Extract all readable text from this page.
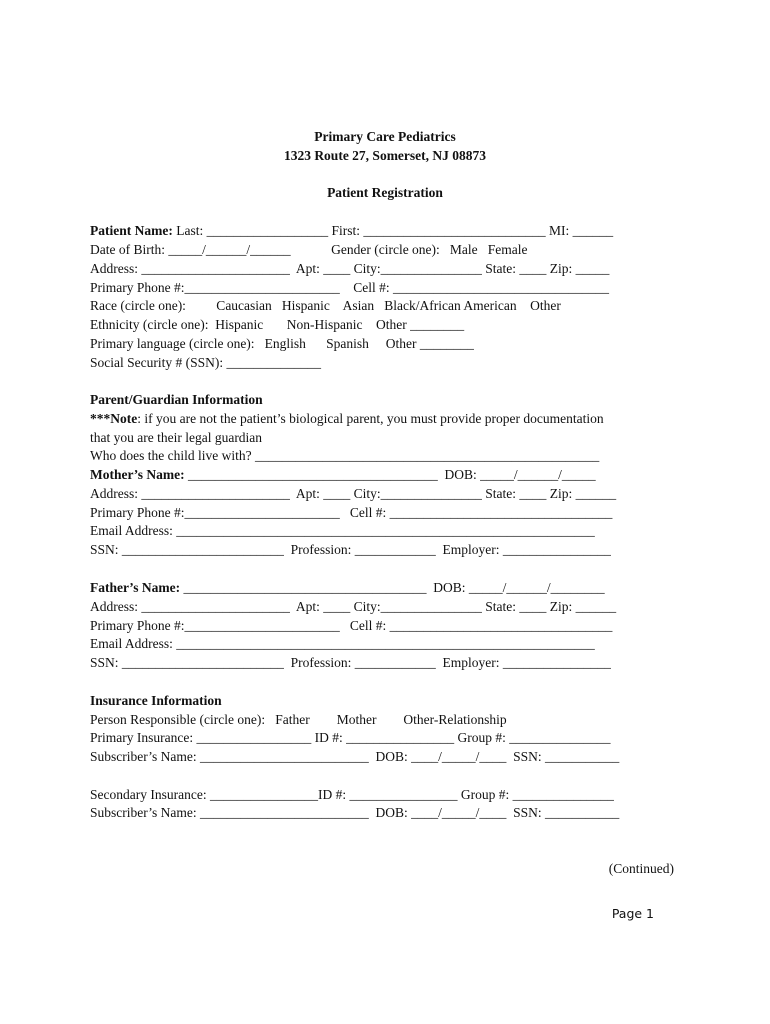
Primary Care Pediatrics
1323 Route 27, Somerset, NJ 08873
Patient Registration
Patient Name: Last: __________________ First: ___________________________ MI: ______
Date of Birth: _____/______/______            Gender (circle one):   Male   Female
Address: ______________________  Apt: ____ City:_______________ State: ____ Zip: _____
Primary Phone #:_______________________    Cell #: ________________________________
Race (circle one):         Caucasian   Hispanic    Asian   Black/African American    Other
Ethnicity (circle one):  Hispanic       Non-Hispanic    Other ________
Primary language (circle one):   English      Spanish     Other ________
Social Security # (SSN): ______________
Parent/Guardian Information
***Note: if you are not the patient’s biological parent, you must provide proper documentation
that you are their legal guardian
Who does the child live with? ___________________________________________________
Mother’s Name: _____________________________________  DOB: _____/______/_____
Address: ______________________  Apt: ____ City:_______________ State: ____ Zip: ______
Primary Phone #:_______________________   Cell #: _________________________________
Email Address: ______________________________________________________________
SSN: ________________________  Profession: ____________  Employer: ________________
Father’s Name: ____________________________________  DOB: _____/______/________
Address: ______________________  Apt: ____ City:_______________ State: ____ Zip: ______
Primary Phone #:_______________________   Cell #: _________________________________
Email Address: ______________________________________________________________
SSN: ________________________  Profession: ____________  Employer: ________________
Insurance Information
Person Responsible (circle one):   Father        Mother        Other-Relationship
Primary Insurance: _________________ ID #: ________________ Group #: _______________
Subscriber’s Name: _________________________  DOB: ____/_____/____  SSN: ___________
Secondary Insurance: ________________ID #: ________________ Group #: _______________
Subscriber’s Name: _________________________  DOB: ____/_____/____  SSN: ___________
(Continued)
Page 1
